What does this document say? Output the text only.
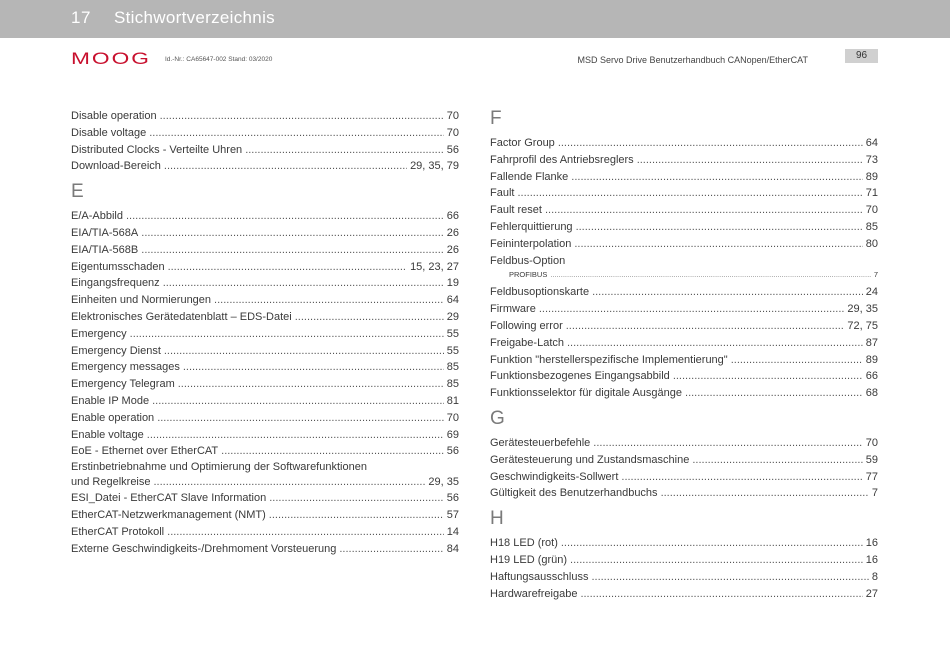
17 Stichwortverzeichnis
MOOG Id.-Nr.: CA65647-002 Stand: 03/2020	MSD Servo Drive Benutzerhandbuch CANopen/EtherCAT	96
Disable operation .....	70
Disable voltage .....	70
Distributed Clocks - Verteilte Uhren .....	56
Download-Bereich .....	29, 35, 79
E
E/A-Abbild .....	66
EIA/TIA-568A .....	26
EIA/TIA-568B .....	26
Eigentumsschaden .....	15, 23, 27
Eingangsfrequenz .....	19
Einheiten und Normierungen .....	64
Elektronisches Gerätedatenblatt – EDS-Datei .....	29
Emergency .....	55
Emergency Dienst .....	55
Emergency messages .....	85
Emergency Telegram .....	85
Enable IP Mode .....	81
Enable operation .....	70
Enable voltage .....	69
EoE - Ethernet over EtherCAT .....	56
Erstinbetriebnahme und Optimierung der Softwarefunktionen
und Regelkreise .....	29, 35
ESI_Datei - EtherCAT Slave Information .....	56
EtherCAT-Netzwerkmanagement (NMT) .....	57
EtherCAT Protokoll .....	14
Externe Geschwindigkeits-/Drehmoment Vorsteuerung .....	84
F
Factor Group .....	64
Fahrprofil des Antriebsreglers .....	73
Fallende Flanke .....	89
Fault .....	71
Fault reset .....	70
Fehlerquittierung .....	85
Feininterpolation .....	80
Feldbus-Option
PROFIBUS .....	7
Feldbusoptionskarte .....	24
Firmware .....	29, 35
Following error .....	72, 75
Freigabe-Latch .....	87
Funktion "herstellerspezifische Implementierung" .....	89
Funktionsbezogenes Eingangsabbild .....	66
Funktionsselektor für digitale Ausgänge .....	68
G
Gerätesteuerbefehle .....	70
Gerätesteuerung und Zustandsmaschine .....	59
Geschwindigkeits-Sollwert .....	77
Gültigkeit des Benutzerhandbuchs .....	7
H
H18 LED (rot) .....	16
H19 LED (grün) .....	16
Haftungsausschluss .....	8
Hardwarefreigabe .....	27
